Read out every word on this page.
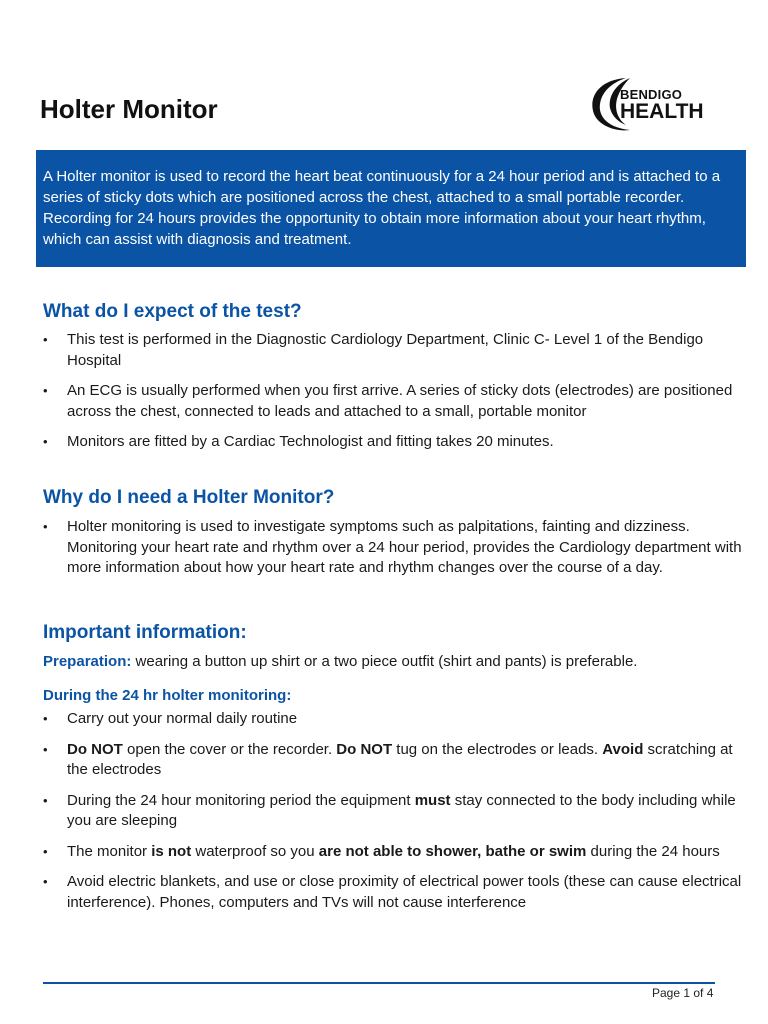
Holter Monitor	BENDIGO
HEALTH
A Holter monitor is used to record the heart beat continuously for a 24 hour period and is attached to a series of sticky dots which are positioned across the chest, attached to a small portable recorder. Recording for 24 hours provides the opportunity to obtain more information about your heart rhythm, which can assist with diagnosis and treatment.
What do I expect of the test?
• This test is performed in the Diagnostic Cardiology Department, Clinic C- Level 1 of the Bendigo Hospital
• An ECG is usually performed when you first arrive. A series of sticky dots (electrodes) are positioned across the chest, connected to leads and attached to a small, portable monitor
• Monitors are fitted by a Cardiac Technologist and fitting takes 20 minutes.
Why do I need a Holter Monitor?
• Holter monitoring is used to investigate symptoms such as palpitations, fainting and dizziness. Monitoring your heart rate and rhythm over a 24 hour period, provides the Cardiology department with more information about how your heart rate and rhythm changes over the course of a day.
Important information:
Preparation: wearing a button up shirt or a two piece outfit (shirt and pants) is preferable.
During the 24 hr holter monitoring:
• Carry out your normal daily routine
• Do NOT open the cover or the recorder. Do NOT tug on the electrodes or leads. Avoid scratching at the electrodes
• During the 24 hour monitoring period the equipment must stay connected to the body including while you are sleeping
• The monitor is not waterproof so you are not able to shower, bathe or swim during the 24 hours
• Avoid electric blankets, and use or close proximity of electrical power tools (these can cause electrical interference). Phones, computers and TVs will not cause interference
Page 1 of 4
